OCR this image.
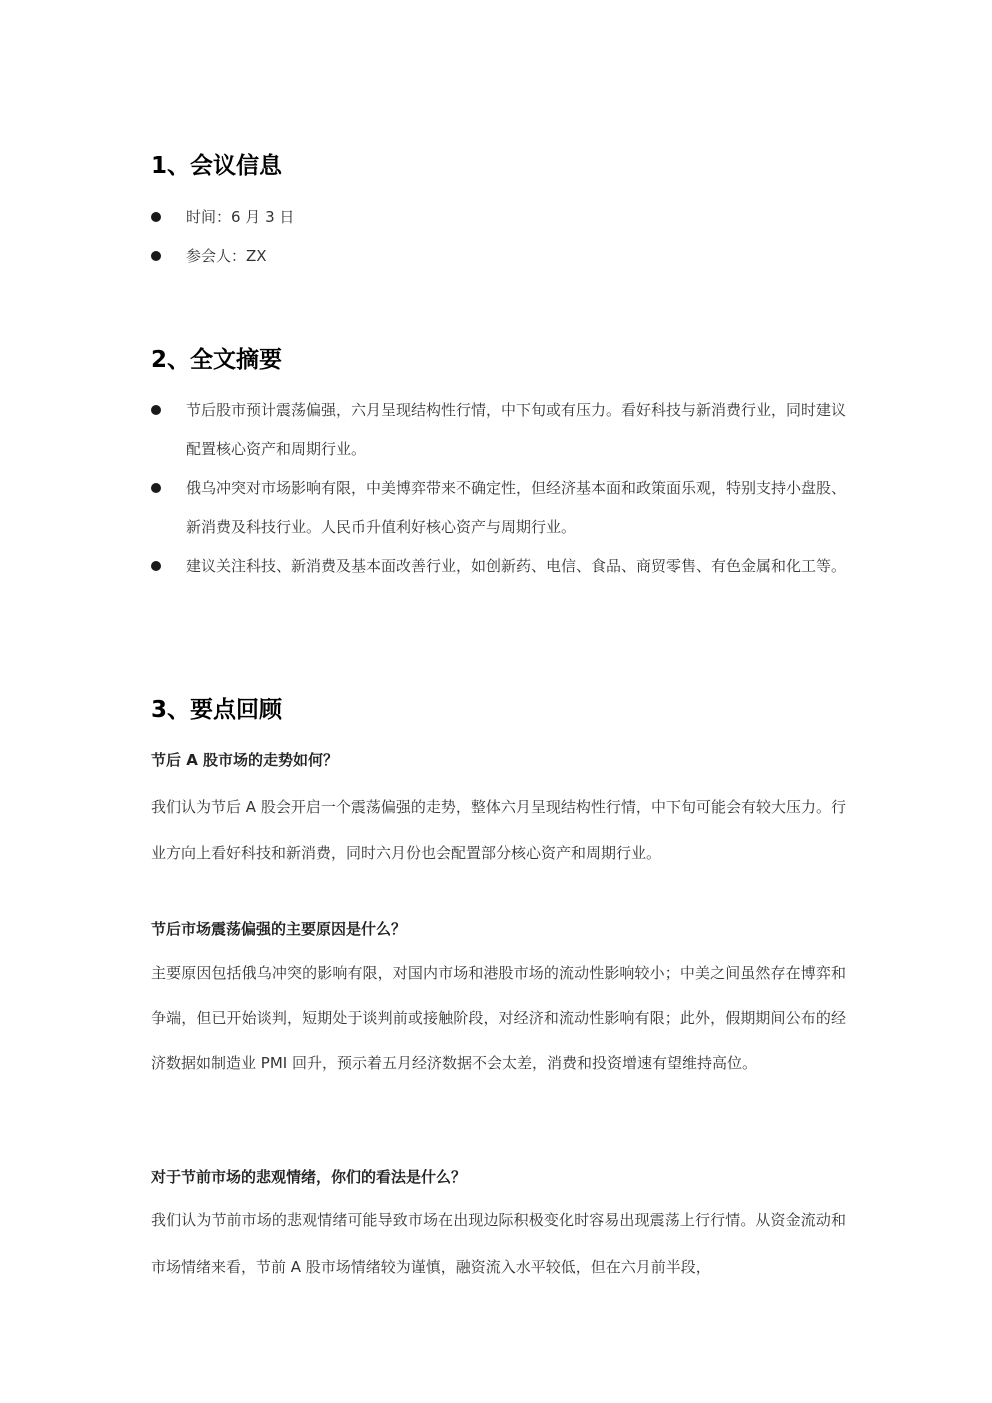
1、会议信息
时间：6 月 3 日
参会人：ZX
2、全文摘要
节后股市预计震荡偏强，六月呈现结构性行情，中下旬或有压力。看好科技与新消费行业，同时建议配置核心资产和周期行业。
俄乌冲突对市场影响有限，中美博弈带来不确定性，但经济基本面和政策面乐观，特别支持小盘股、新消费及科技行业。人民币升值利好核心资产与周期行业。
建议关注科技、新消费及基本面改善行业，如创新药、电信、食品、商贸零售、有色金属和化工等。
3、要点回顾
节后 A 股市场的走势如何？
我们认为节后 A 股会开启一个震荡偏强的走势，整体六月呈现结构性行情，中下旬可能会有较大压力。行业方向上看好科技和新消费，同时六月份也会配置部分核心资产和周期行业。
节后市场震荡偏强的主要原因是什么？
主要原因包括俄乌冲突的影响有限，对国内市场和港股市场的流动性影响较小；中美之间虽然存在博弈和争端，但已开始谈判，短期处于谈判前或接触阶段，对经济和流动性影响有限；此外，假期期间公布的经济数据如制造业 PMI 回升，预示着五月经济数据不会太差，消费和投资增速有望维持高位。
对于节前市场的悲观情绪，你们的看法是什么？
我们认为节前市场的悲观情绪可能导致市场在出现边际积极变化时容易出现震荡上行行情。从资金流动和市场情绪来看，节前 A 股市场情绪较为谨慎，融资流入水平较低，但在六月前半段，
